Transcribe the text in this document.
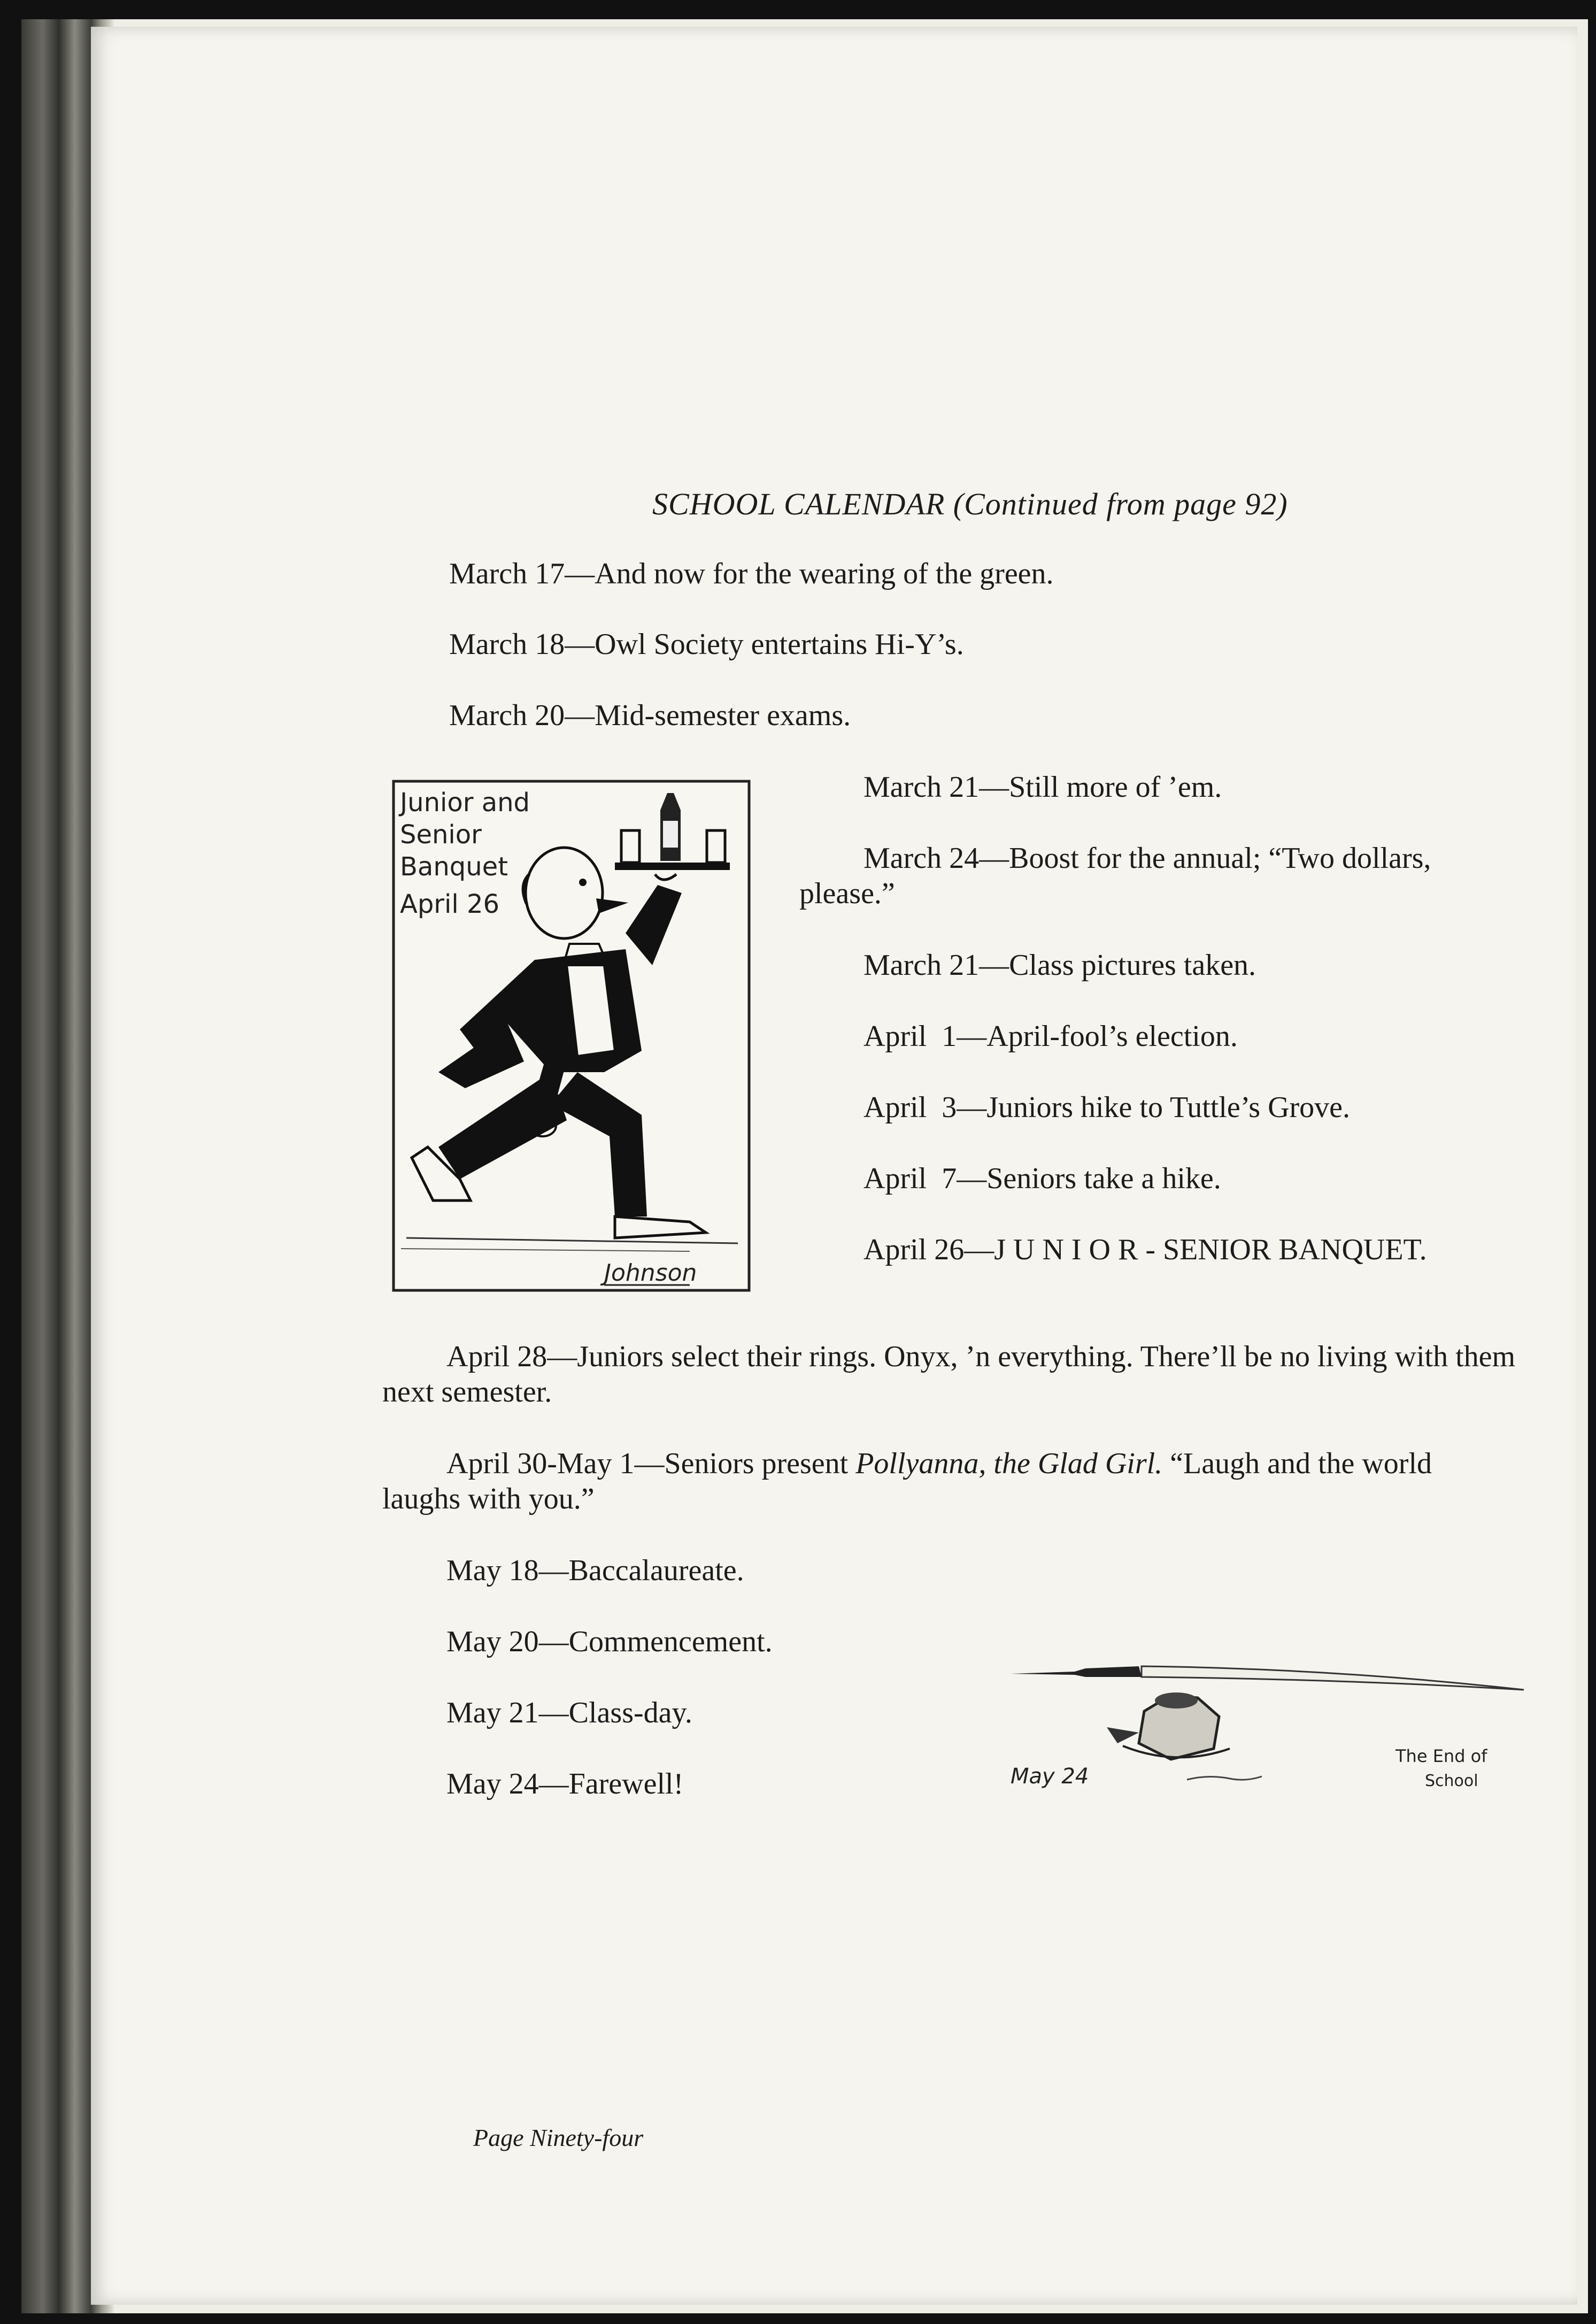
SCHOOL CALENDAR (Continued from page 92)
March 17—And now for the wearing of the green.
March 18—Owl Society entertains Hi-Y’s.
March 20—Mid-semester exams.
Junior and
Senior
Banquet
April 26
Johnson
March 21—Still more of ’em.
March 24—Boost for the annual; “Two dollars, please.”
March 21—Class pictures taken.
April  1—April-fool’s election.
April  3—Juniors hike to Tuttle’s Grove.
April  7—Seniors take a hike.
April 26—J U N I O R - SENIOR BANQUET.
April 28—Juniors select their rings. Onyx, ’n everything. There’ll be no living with them next semester.
April 30-May 1—Seniors present Pollyanna, the Glad Girl. “Laugh and the world laughs with you.”
May 18—Baccalaureate.
May 20—Commencement.
May 21—Class-day.
May 24—Farewell!	May 24
The End of
School
Page Ninety-four
